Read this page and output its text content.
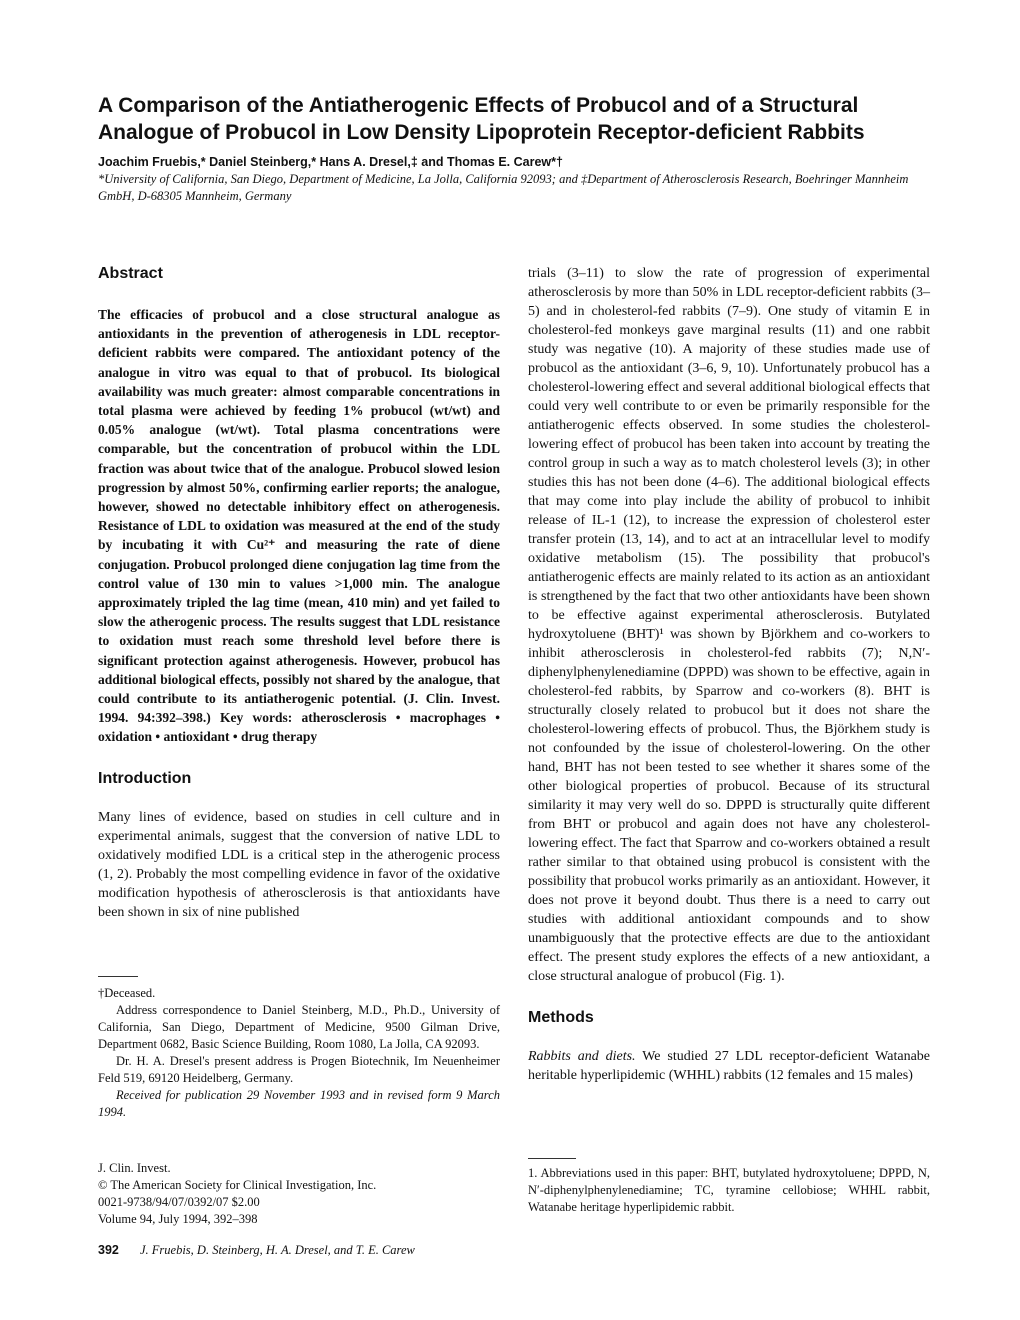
A Comparison of the Antiatherogenic Effects of Probucol and of a Structural Analogue of Probucol in Low Density Lipoprotein Receptor-deficient Rabbits
Joachim Fruebis,* Daniel Steinberg,* Hans A. Dresel,‡ and Thomas E. Carew*†
*University of California, San Diego, Department of Medicine, La Jolla, California 92093; and ‡Department of Atherosclerosis Research, Boehringer Mannheim GmbH, D-68305 Mannheim, Germany
Abstract

The efficacies of probucol and a close structural analogue as antioxidants in the prevention of atherogenesis in LDL receptor-deficient rabbits were compared. The antioxidant potency of the analogue in vitro was equal to that of probucol. Its biological availability was much greater: almost comparable concentrations in total plasma were achieved by feeding 1% probucol (wt/wt) and 0.05% analogue (wt/wt). Total plasma concentrations were comparable, but the concentration of probucol within the LDL fraction was about twice that of the analogue. Probucol slowed lesion progression by almost 50%, confirming earlier reports; the analogue, however, showed no detectable inhibitory effect on atherogenesis. Resistance of LDL to oxidation was measured at the end of the study by incubating it with Cu²⁺ and measuring the rate of diene conjugation. Probucol prolonged diene conjugation lag time from the control value of 130 min to values >1,000 min. The analogue approximately tripled the lag time (mean, 410 min) and yet failed to slow the atherogenic process. The results suggest that LDL resistance to oxidation must reach some threshold level before there is significant protection against atherogenesis. However, probucol has additional biological effects, possibly not shared by the analogue, that could contribute to its antiatherogenic potential. (J. Clin. Invest. 1994. 94:392–398.) Key words: atherosclerosis • macrophages • oxidation • antioxidant • drug therapy

Introduction

Many lines of evidence, based on studies in cell culture and in experimental animals, suggest that the conversion of native LDL to oxidatively modified LDL is a critical step in the atherogenic process (1, 2). Probably the most compelling evidence in favor of the oxidative modification hypothesis of atherosclerosis is that antioxidants have been shown in six of nine published

†Deceased.

Address correspondence to Daniel Steinberg, M.D., Ph.D., University of California, San Diego, Department of Medicine, 9500 Gilman Drive, Department 0682, Basic Science Building, Room 1080, La Jolla, CA 92093.

Dr. H. A. Dresel's present address is Progen Biotechnik, Im Neuenheimer Feld 519, 69120 Heidelberg, Germany.

Received for publication 29 November 1993 and in revised form 9 March 1994.

J. Clin. Invest.
© The American Society for Clinical Investigation, Inc.
0021-9738/94/07/0392/07 $2.00
Volume 94, July 1994, 392–398

trials (3–11) to slow the rate of progression of experimental atherosclerosis by more than 50% in LDL receptor-deficient rabbits (3–5) and in cholesterol-fed rabbits (7–9). One study of vitamin E in cholesterol-fed monkeys gave marginal results (11) and one rabbit study was negative (10). A majority of these studies made use of probucol as the antioxidant (3–6, 9, 10). Unfortunately probucol has a cholesterol-lowering effect and several additional biological effects that could very well contribute to or even be primarily responsible for the antiatherogenic effects observed. In some studies the cholesterol-lowering effect of probucol has been taken into account by treating the control group in such a way as to match cholesterol levels (3); in other studies this has not been done (4–6). The additional biological effects that may come into play include the ability of probucol to inhibit release of IL-1 (12), to increase the expression of cholesterol ester transfer protein (13, 14), and to act at an intracellular level to modify oxidative metabolism (15). The possibility that probucol's antiatherogenic effects are mainly related to its action as an antioxidant is strengthened by the fact that two other antioxidants have been shown to be effective against experimental atherosclerosis. Butylated hydroxytoluene (BHT)¹ was shown by Björkhem and co-workers to inhibit atherosclerosis in cholesterol-fed rabbits (7); N,N′-diphenylphenylenediamine (DPPD) was shown to be effective, again in cholesterol-fed rabbits, by Sparrow and co-workers (8). BHT is structurally closely related to probucol but it does not share the cholesterol-lowering effects of probucol. Thus, the Björkhem study is not confounded by the issue of cholesterol-lowering. On the other hand, BHT has not been tested to see whether it shares some of the other biological properties of probucol. Because of its structural similarity it may very well do so. DPPD is structurally quite different from BHT or probucol and again does not have any cholesterol-lowering effect. The fact that Sparrow and co-workers obtained a result rather similar to that obtained using probucol is consistent with the possibility that probucol works primarily as an antioxidant. However, it does not prove it beyond doubt. Thus there is a need to carry out studies with additional antioxidant compounds and to show unambiguously that the protective effects are due to the antioxidant effect. The present study explores the effects of a new antioxidant, a close structural analogue of probucol (Fig. 1).

Methods

Rabbits and diets. We studied 27 LDL receptor-deficient Watanabe heritable hyperlipidemic (WHHL) rabbits (12 females and 15 males)

1. Abbreviations used in this paper: BHT, butylated hydroxytoluene; DPPD, N, N′-diphenylphenylenediamine; TC, tyramine cellobiose; WHHL rabbit, Watanabe heritage hyperlipidemic rabbit.

392 J. Fruebis, D. Steinberg, H. A. Dresel, and T. E. Carew
